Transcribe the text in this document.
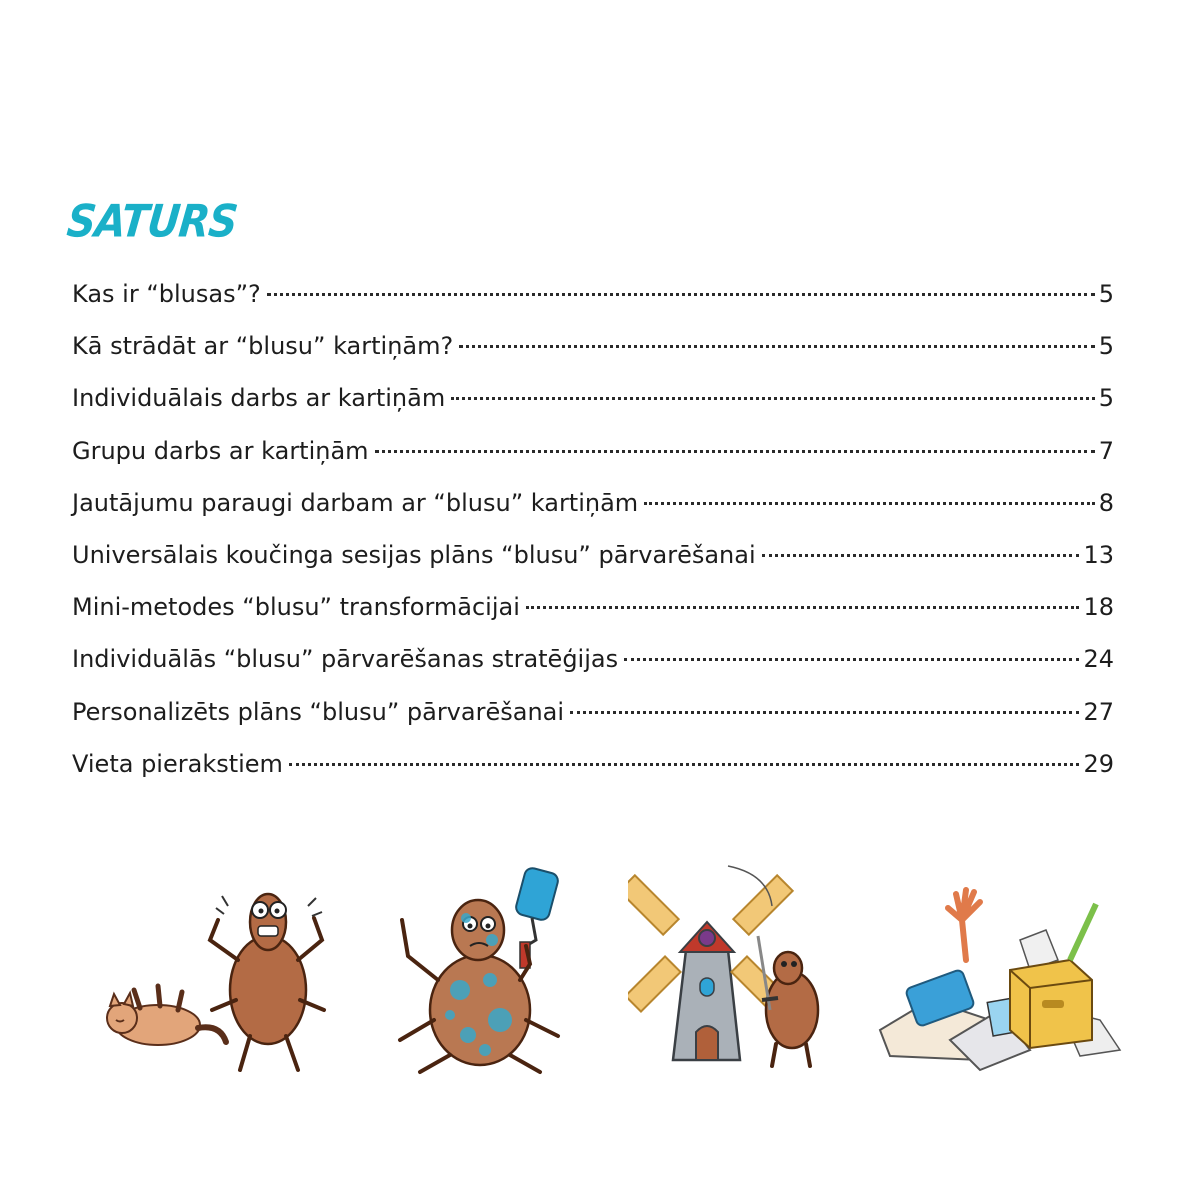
SATURS
Kas ir “blusas”?	5
Kā strādāt ar “blusu” kartiņām?	5
Individuālais darbs ar kartiņām	5
Grupu darbs ar kartiņām	7
Jautājumu paraugi darbam ar “blusu” kartiņām	8
Universālais koučinga sesijas plāns “blusu” pārvarēšanai	13
Mini-metodes “blusu” transformācijai	18
Individuālās “blusu” pārvarēšanas stratēģijas	24
Personalizēts plāns “blusu” pārvarēšanai	27
Vieta pierakstiem	29
